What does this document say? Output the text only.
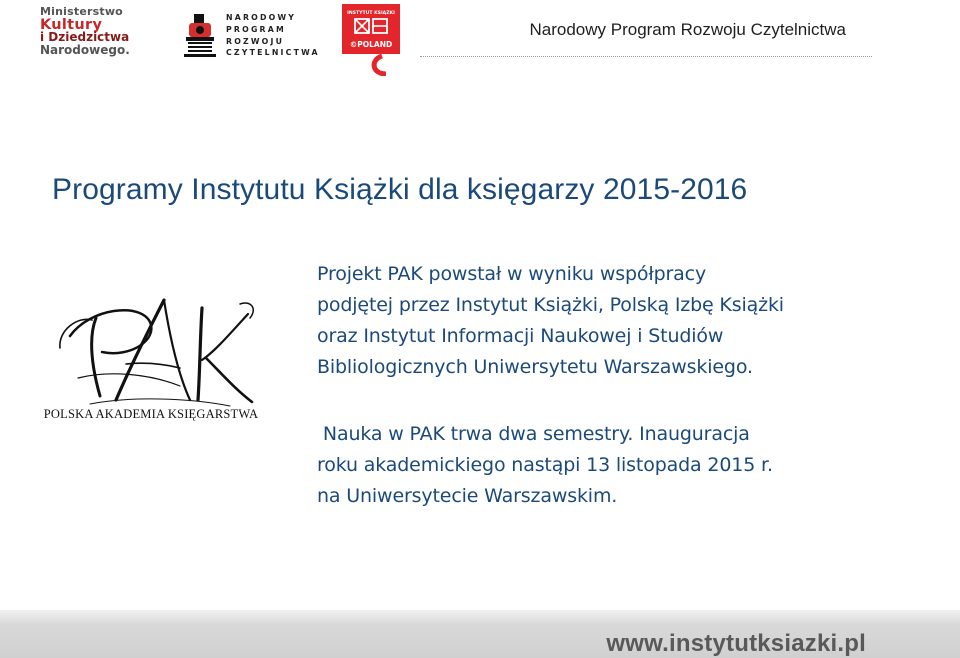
Ministerstwo
Kultury
i Dziedzictwa
Narodowego.
NARODOWY
PROGRAM
ROZWOJU
CZYTELNICTWA
INSTYTUT KSIĄŻKI
©POLAND
Narodowy Program Rozwoju Czytelnictwa
Programy Instytutu Książki dla księgarzy 2015-2016
POLSKA AKADEMIA KSIĘGARSTWA
Projekt PAK powstał w wyniku współpracy
podjętej przez Instytut Książki, Polską Izbę Książki
oraz Instytut Informacji Naukowej i Studiów
Bibliologicznych Uniwersytetu Warszawskiego.
Nauka w PAK trwa dwa semestry. Inauguracja
roku akademickiego nastąpi 13 listopada 2015 r.
na Uniwersytecie Warszawskim.
www.instytutksiazki.pl
